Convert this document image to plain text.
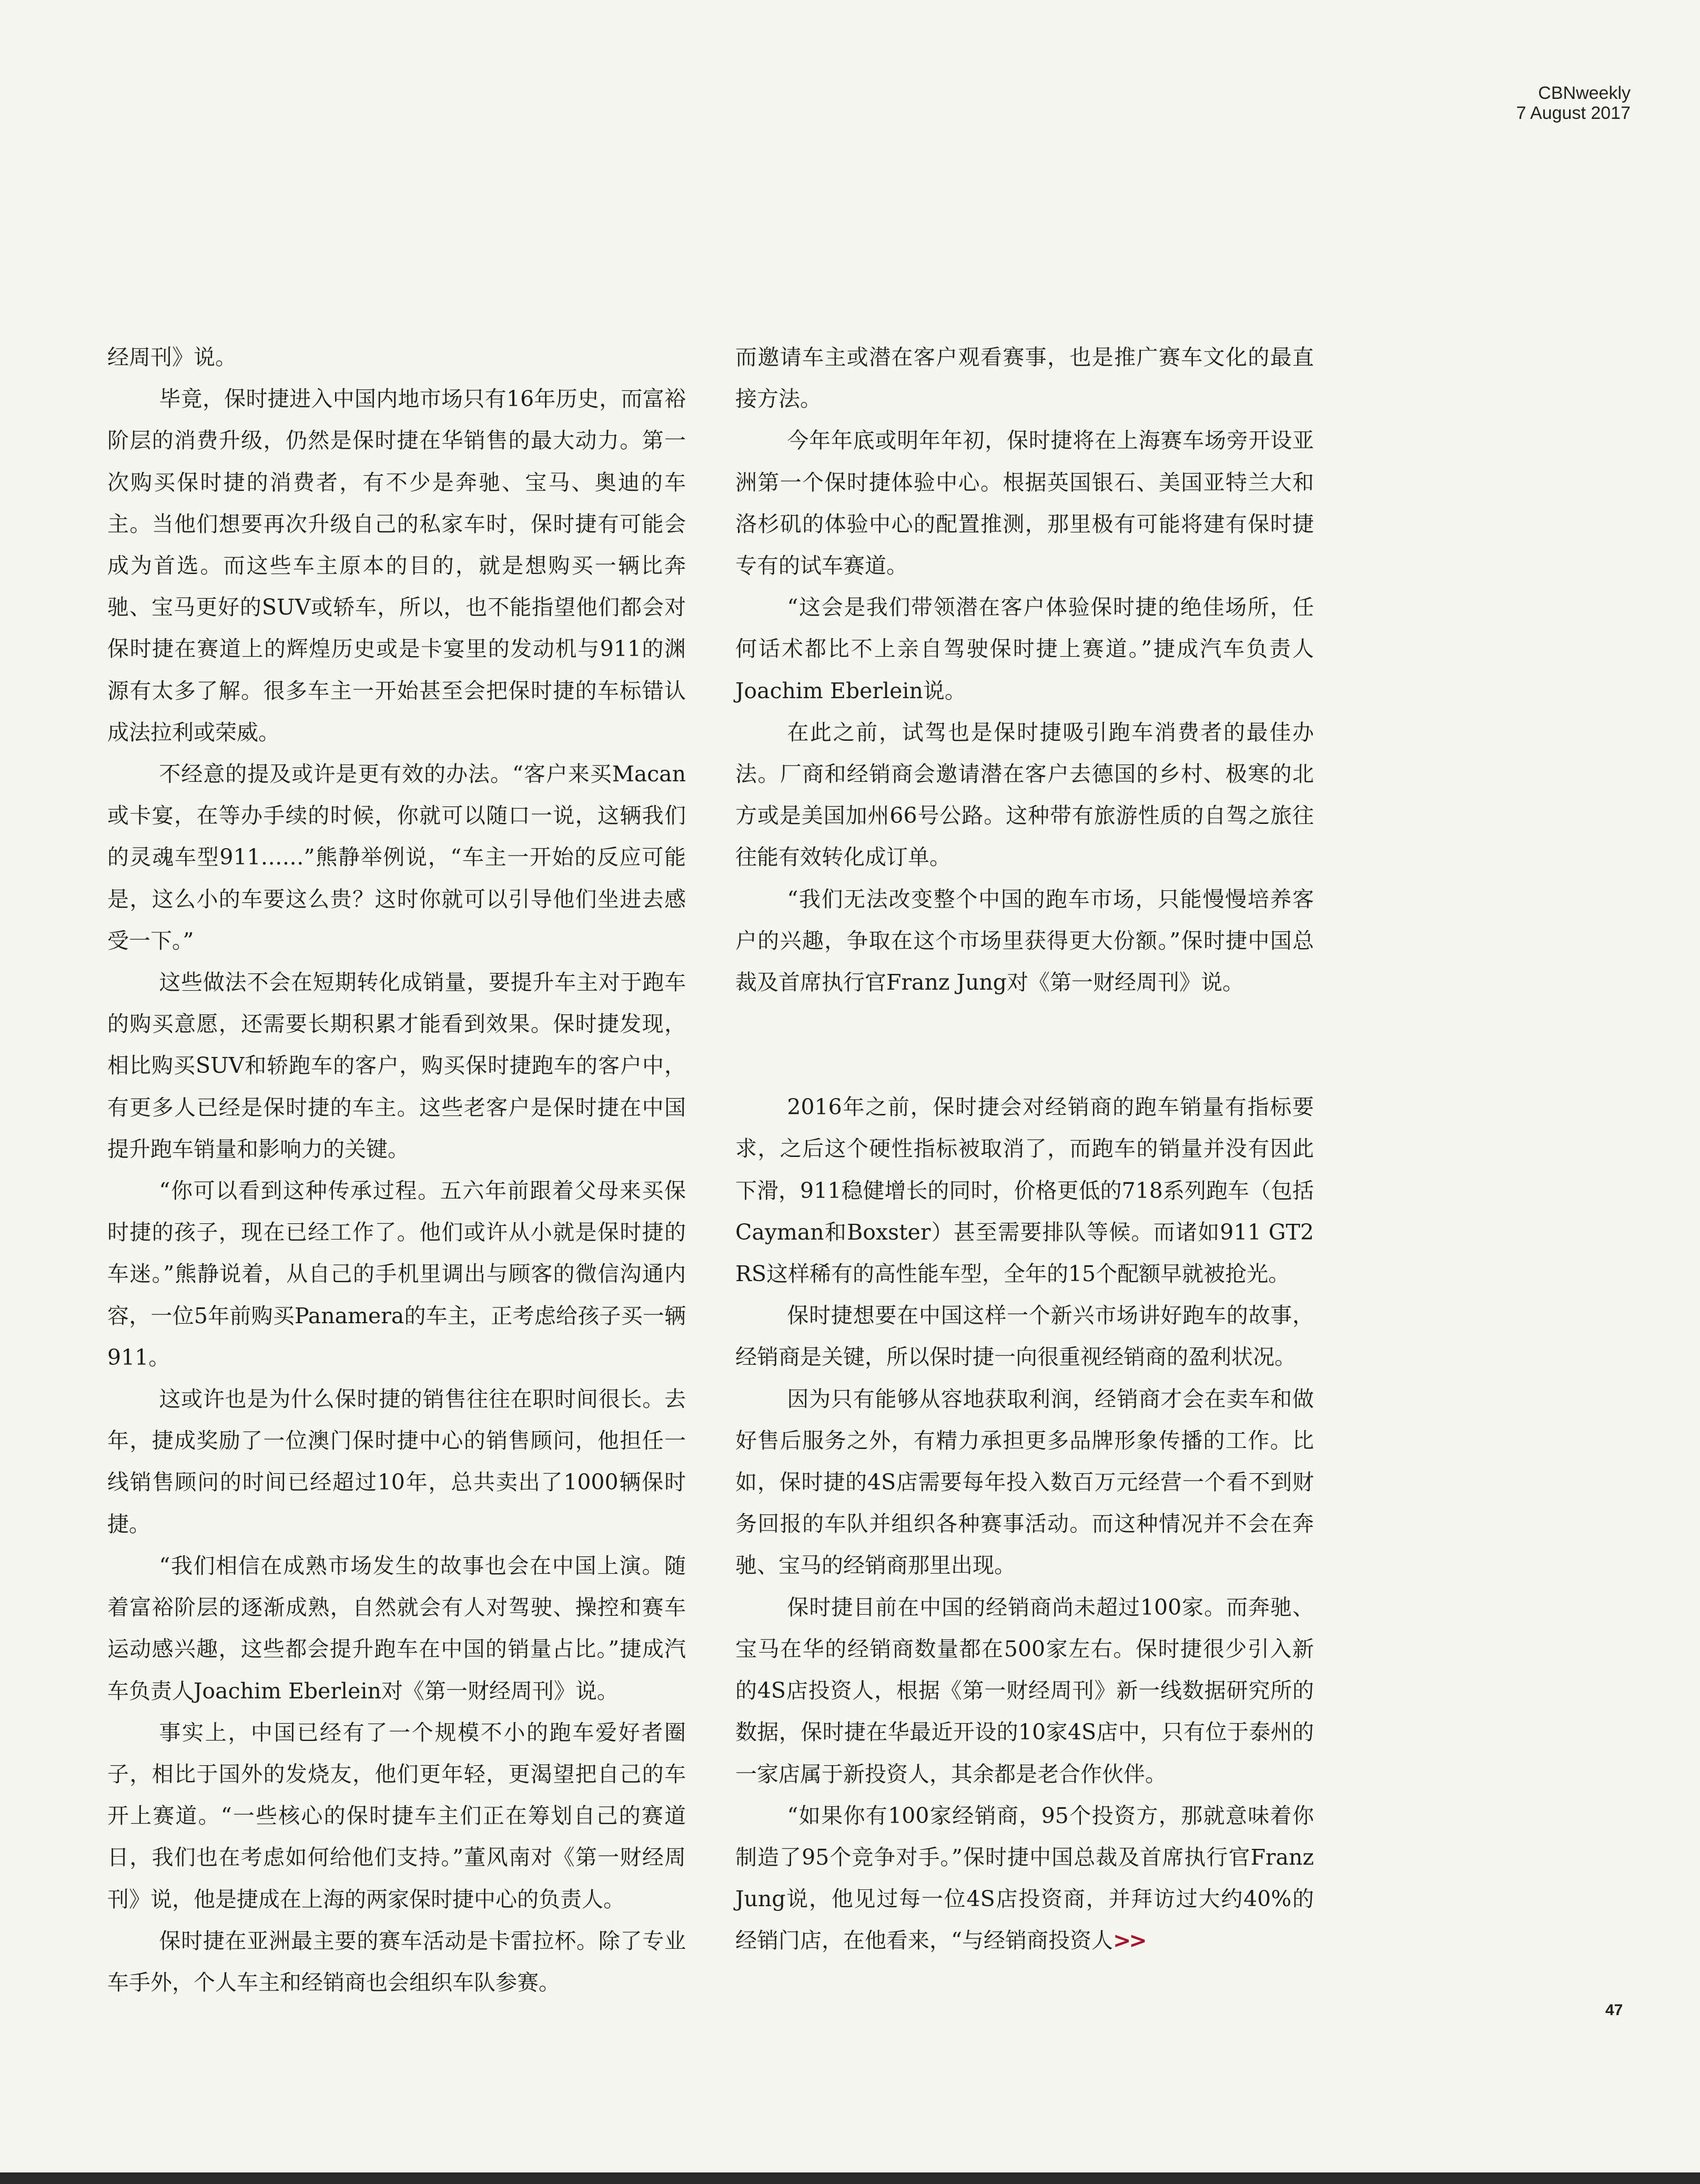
CBNweekly
7 August 2017

经周刊》说。

毕竟，保时捷进入中国内地市场只有16年历史，而富裕阶层的消费升级，仍然是保时捷在华销售的最大动力。第一次购买保时捷的消费者，有不少是奔驰、宝马、奥迪的车主。当他们想要再次升级自己的私家车时，保时捷有可能会成为首选。而这些车主原本的目的，就是想购买一辆比奔驰、宝马更好的SUV或轿车，所以，也不能指望他们都会对保时捷在赛道上的辉煌历史或是卡宴里的发动机与911的渊源有太多了解。很多车主一开始甚至会把保时捷的车标错认成法拉利或荣威。

不经意的提及或许是更有效的办法。“客户来买Macan或卡宴，在等办手续的时候，你就可以随口一说，这辆我们的灵魂车型911……”熊静举例说，“车主一开始的反应可能是，这么小的车要这么贵？这时你就可以引导他们坐进去感受一下。”

这些做法不会在短期转化成销量，要提升车主对于跑车的购买意愿，还需要长期积累才能看到效果。保时捷发现，相比购买SUV和轿跑车的客户，购买保时捷跑车的客户中，有更多人已经是保时捷的车主。这些老客户是保时捷在中国提升跑车销量和影响力的关键。

“你可以看到这种传承过程。五六年前跟着父母来买保时捷的孩子，现在已经工作了。他们或许从小就是保时捷的车迷。”熊静说着，从自己的手机里调出与顾客的微信沟通内容，一位5年前购买Panamera的车主，正考虑给孩子买一辆911。

这或许也是为什么保时捷的销售往往在职时间很长。去年，捷成奖励了一位澳门保时捷中心的销售顾问，他担任一线销售顾问的时间已经超过10年，总共卖出了1000辆保时捷。

“我们相信在成熟市场发生的故事也会在中国上演。随着富裕阶层的逐渐成熟，自然就会有人对驾驶、操控和赛车运动感兴趣，这些都会提升跑车在中国的销量占比。”捷成汽车负责人Joachim Eberlein对《第一财经周刊》说。

事实上，中国已经有了一个规模不小的跑车爱好者圈子，相比于国外的发烧友，他们更年轻，更渴望把自己的车开上赛道。“一些核心的保时捷车主们正在筹划自己的赛道日，我们也在考虑如何给他们支持。”董风南对《第一财经周刊》说，他是捷成在上海的两家保时捷中心的负责人。

保时捷在亚洲最主要的赛车活动是卡雷拉杯。除了专业车手外，个人车主和经销商也会组织车队参赛。

而邀请车主或潜在客户观看赛事，也是推广赛车文化的最直接方法。

今年年底或明年年初，保时捷将在上海赛车场旁开设亚洲第一个保时捷体验中心。根据英国银石、美国亚特兰大和洛杉矶的体验中心的配置推测，那里极有可能将建有保时捷专有的试车赛道。

“这会是我们带领潜在客户体验保时捷的绝佳场所，任何话术都比不上亲自驾驶保时捷上赛道。”捷成汽车负责人Joachim Eberlein说。

在此之前，试驾也是保时捷吸引跑车消费者的最佳办法。厂商和经销商会邀请潜在客户去德国的乡村、极寒的北方或是美国加州66号公路。这种带有旅游性质的自驾之旅往往能有效转化成订单。

“我们无法改变整个中国的跑车市场，只能慢慢培养客户的兴趣，争取在这个市场里获得更大份额。”保时捷中国总裁及首席执行官Franz Jung对《第一财经周刊》说。

2016年之前，保时捷会对经销商的跑车销量有指标要求，之后这个硬性指标被取消了，而跑车的销量并没有因此下滑，911稳健增长的同时，价格更低的718系列跑车（包括Cayman和Boxster）甚至需要排队等候。而诸如911 GT2 RS这样稀有的高性能车型，全年的15个配额早就被抢光。

保时捷想要在中国这样一个新兴市场讲好跑车的故事，经销商是关键，所以保时捷一向很重视经销商的盈利状况。

因为只有能够从容地获取利润，经销商才会在卖车和做好售后服务之外，有精力承担更多品牌形象传播的工作。比如，保时捷的4S店需要每年投入数百万元经营一个看不到财务回报的车队并组织各种赛事活动。而这种情况并不会在奔驰、宝马的经销商那里出现。

保时捷目前在中国的经销商尚未超过100家。而奔驰、宝马在华的经销商数量都在500家左右。保时捷很少引入新的4S店投资人，根据《第一财经周刊》新一线数据研究所的数据，保时捷在华最近开设的10家4S店中，只有位于泰州的一家店属于新投资人，其余都是老合作伙伴。

“如果你有100家经销商，95个投资方，那就意味着你制造了95个竞争对手。”保时捷中国总裁及首席执行官Franz Jung说，他见过每一位4S店投资商，并拜访过大约40%的经销门店，在他看来，“与经销商投资人>>

47
